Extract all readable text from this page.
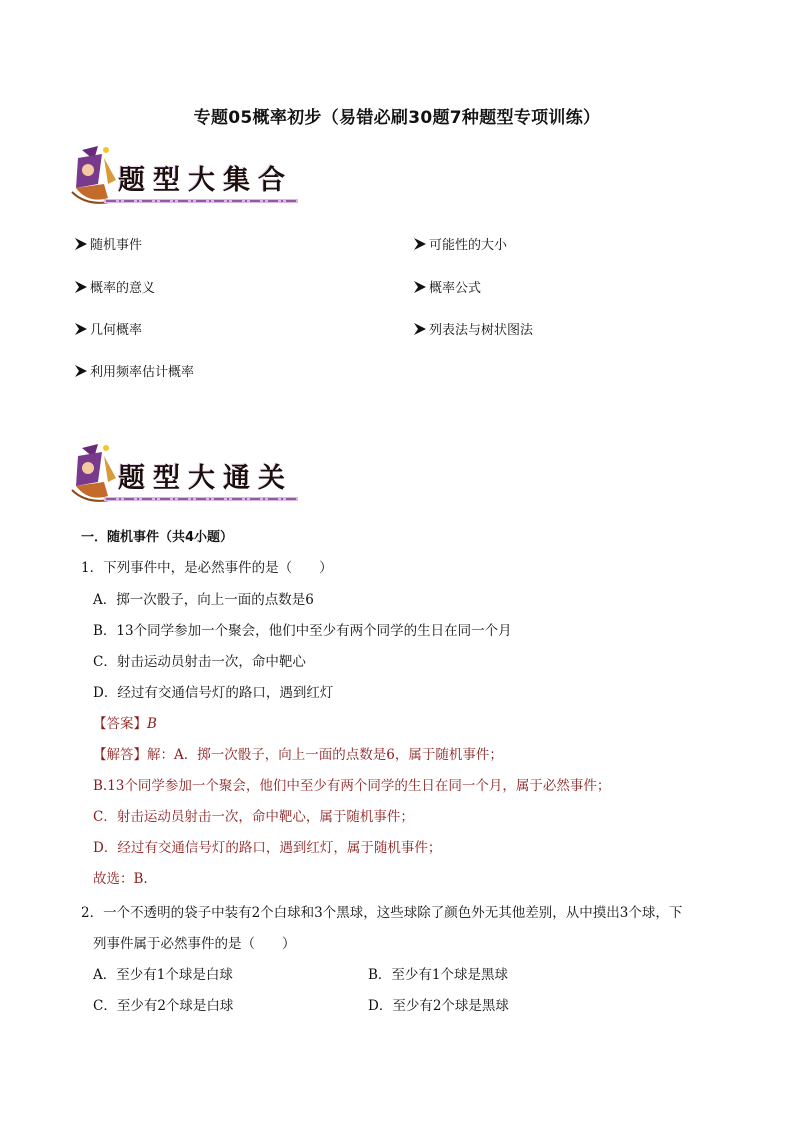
专题05概率初步（易错必刷30题7种题型专项训练）
题型大集合
随机事件	可能性的大小
概率的意义	概率公式
几何概率	列表法与树状图法
利用频率估计概率
题型大通关
一．随机事件（共4小题）
1．下列事件中，是必然事件的是（　　）
A．掷一次骰子，向上一面的点数是6
B．13个同学参加一个聚会，他们中至少有两个同学的生日在同一个月
C．射击运动员射击一次，命中靶心
D．经过有交通信号灯的路口，遇到红灯
【答案】B
【解答】解：A．掷一次骰子，向上一面的点数是6，属于随机事件；
B.13个同学参加一个聚会，他们中至少有两个同学的生日在同一个月，属于必然事件；
C．射击运动员射击一次，命中靶心，属于随机事件；
D．经过有交通信号灯的路口，遇到红灯，属于随机事件；
故选：B.
2．一个不透明的袋子中装有2个白球和3个黑球，这些球除了颜色外无其他差别，从中摸出3个球，下
列事件属于必然事件的是（　　）
A．至少有1个球是白球	B．至少有1个球是黑球
C．至少有2个球是白球	D．至少有2个球是黑球
